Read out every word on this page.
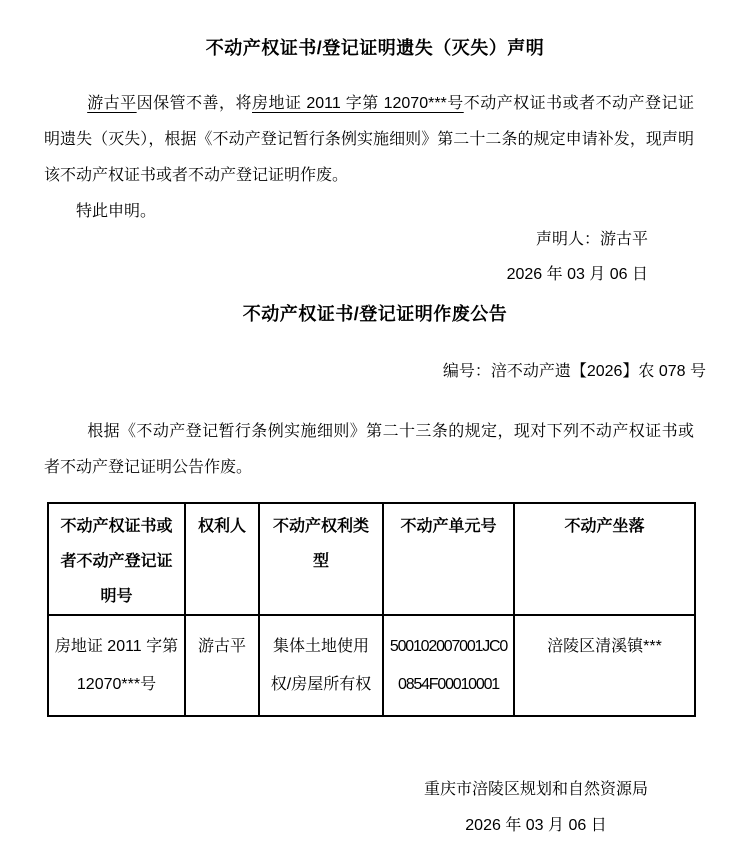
不动产权证书/登记证明遗失（灭失）声明

游古平因保管不善，将房地证 2011 字第 12070***号不动产权证书或者不动产登记证明遗失（灭失），根据《不动产登记暂行条例实施细则》第二十二条的规定申请补发，现声明该不动产权证书或者不动产登记证明作废。

特此申明。

声明人：游古平
2026 年 03 月 06 日
不动产权证书/登记证明作废公告
编号：涪不动产遗【2026】农 078 号

根据《不动产登记暂行条例实施细则》第二十三条的规定，现对下列不动产权证书或者不动产登记证明公告作废。

不动产权证书或者不动产登记证明号	权利人	不动产权利类型	不动产单元号	不动产坐落
房地证 2011 字第 12070***号	游古平	集体土地使用权/房屋所有权	500102007001JC00854F00010001	涪陵区清溪镇***
重庆市涪陵区规划和自然资源局
2026 年 03 月 06 日
